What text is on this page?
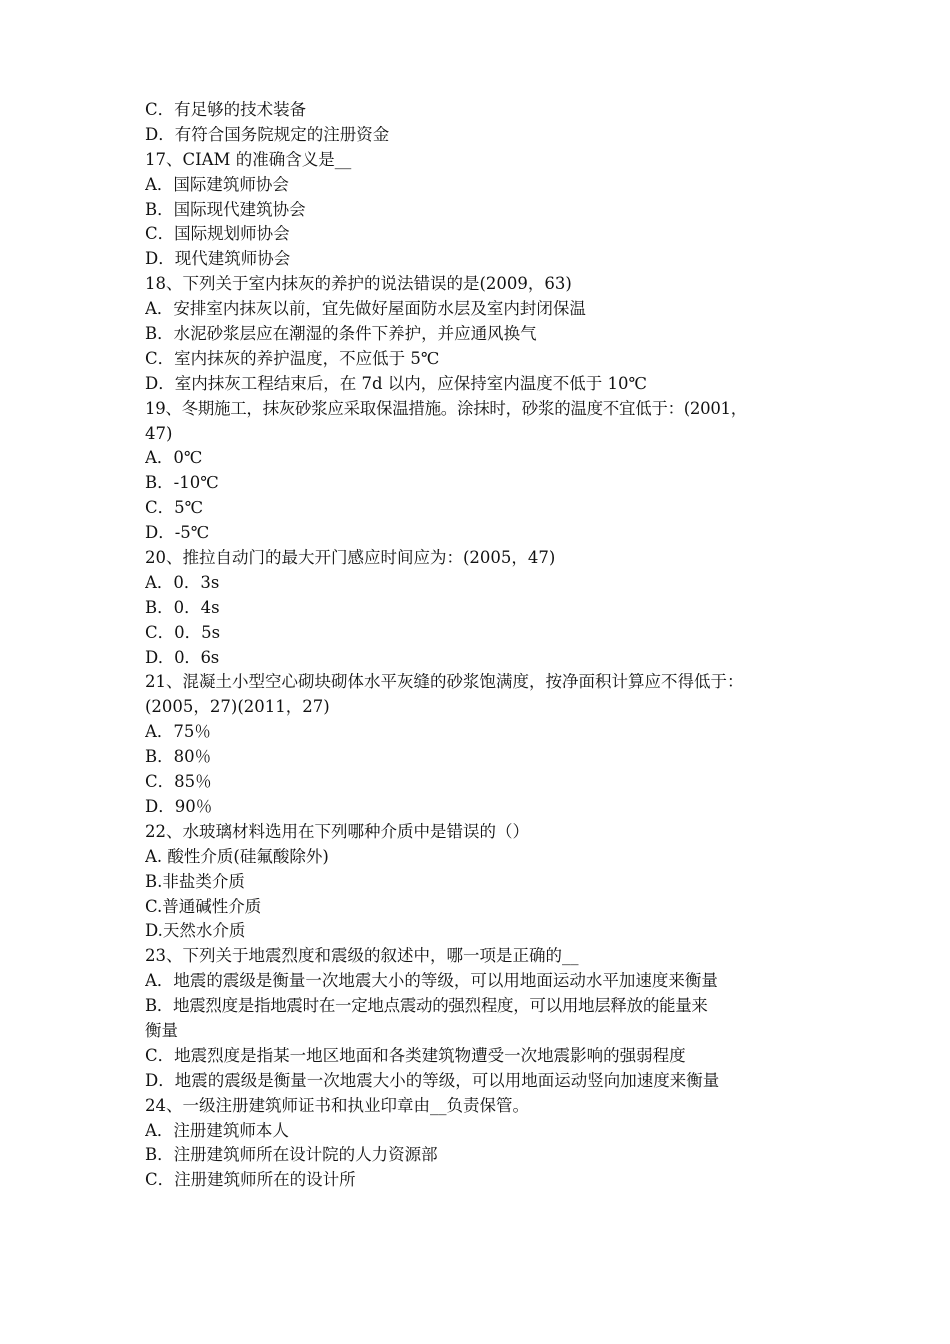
C．有足够的技术装备
D．有符合国务院规定的注册资金
17、CIAM 的准确含义是__
A．国际建筑师协会
B．国际现代建筑协会
C．国际规划师协会
D．现代建筑师协会
18、下列关于室内抹灰的养护的说法错误的是(2009，63)
A．安排室内抹灰以前，宜先做好屋面防水层及室内封闭保温
B．水泥砂浆层应在潮湿的条件下养护，并应通风换气
C．室内抹灰的养护温度，不应低于 5℃
D．室内抹灰工程结束后，在 7d 以内，应保持室内温度不低于 10℃
19、冬期施工，抹灰砂浆应采取保温措施。涂抹时，砂浆的温度不宜低于：(2001，
47)
A．0℃
B．-10℃
C．5℃
D．-5℃
20、推拉自动门的最大开门感应时间应为：(2005，47)
A．0．3s
B．0．4s
C．0．5s
D．0．6s
21、混凝土小型空心砌块砌体水平灰缝的砂浆饱满度，按净面积计算应不得低于：
(2005，27)(2011，27)
A．75％
B．80％
C．85％
D．90％
22、水玻璃材料选用在下列哪种介质中是错误的（）
A. 酸性介质(硅氟酸除外)
B.非盐类介质
C.普通碱性介质
D.天然水介质
23、下列关于地震烈度和震级的叙述中，哪一项是正确的__
A．地震的震级是衡量一次地震大小的等级，可以用地面运动水平加速度来衡量
B．地震烈度是指地震时在一定地点震动的强烈程度，可以用地层释放的能量来
衡量
C．地震烈度是指某一地区地面和各类建筑物遭受一次地震影响的强弱程度
D．地震的震级是衡量一次地震大小的等级，可以用地面运动竖向加速度来衡量
24、一级注册建筑师证书和执业印章由__负责保管。
A．注册建筑师本人
B．注册建筑师所在设计院的人力资源部
C．注册建筑师所在的设计所
